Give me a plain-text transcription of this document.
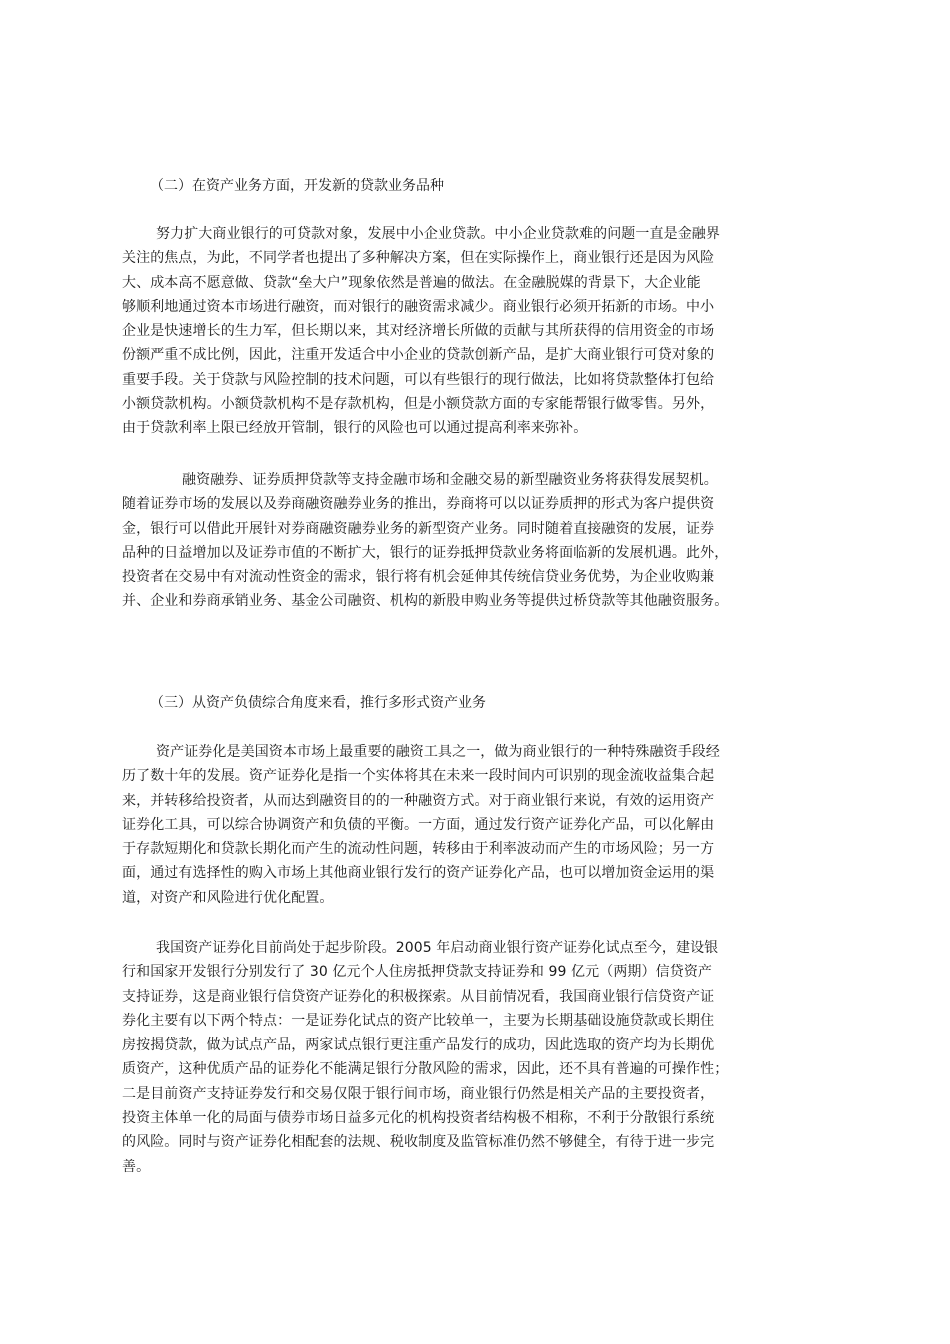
（二）在资产业务方面，开发新的贷款业务品种
努力扩大商业银行的可贷款对象，发展中小企业贷款。中小企业贷款难的问题一直是金融界
关注的焦点，为此，不同学者也提出了多种解决方案，但在实际操作上，商业银行还是因为风险
大、成本高不愿意做、贷款“垒大户”现象依然是普遍的做法。在金融脱媒的背景下，大企业能
够顺利地通过资本市场进行融资，而对银行的融资需求减少。商业银行必须开拓新的市场。中小
企业是快速增长的生力军，但长期以来，其对经济增长所做的贡献与其所获得的信用资金的市场
份额严重不成比例，因此，注重开发适合中小企业的贷款创新产品，是扩大商业银行可贷对象的
重要手段。关于贷款与风险控制的技术问题，可以有些银行的现行做法，比如将贷款整体打包给
小额贷款机构。小额贷款机构不是存款机构，但是小额贷款方面的专家能帮银行做零售。另外，
由于贷款利率上限已经放开管制，银行的风险也可以通过提高利率来弥补。
融资融券、证券质押贷款等支持金融市场和金融交易的新型融资业务将获得发展契机。
随着证券市场的发展以及券商融资融券业务的推出，券商将可以以证券质押的形式为客户提供资
金，银行可以借此开展针对券商融资融券业务的新型资产业务。同时随着直接融资的发展，证券
品种的日益增加以及证券市值的不断扩大，银行的证券抵押贷款业务将面临新的发展机遇。此外，
投资者在交易中有对流动性资金的需求，银行将有机会延伸其传统信贷业务优势，为企业收购兼
并、企业和券商承销业务、基金公司融资、机构的新股申购业务等提供过桥贷款等其他融资服务。
（三）从资产负债综合角度来看，推行多形式资产业务
资产证券化是美国资本市场上最重要的融资工具之一，做为商业银行的一种特殊融资手段经
历了数十年的发展。资产证券化是指一个实体将其在未来一段时间内可识别的现金流收益集合起
来，并转移给投资者，从而达到融资目的的一种融资方式。对于商业银行来说，有效的运用资产
证券化工具，可以综合协调资产和负债的平衡。一方面，通过发行资产证券化产品，可以化解由
于存款短期化和贷款长期化而产生的流动性问题，转移由于利率波动而产生的市场风险；另一方
面，通过有选择性的购入市场上其他商业银行发行的资产证券化产品，也可以增加资金运用的渠
道，对资产和风险进行优化配置。
我国资产证券化目前尚处于起步阶段。2005 年启动商业银行资产证券化试点至今，建设银
行和国家开发银行分别发行了 30 亿元个人住房抵押贷款支持证券和 99 亿元（两期）信贷资产
支持证券，这是商业银行信贷资产证券化的积极探索。从目前情况看，我国商业银行信贷资产证
券化主要有以下两个特点：一是证券化试点的资产比较单一，主要为长期基础设施贷款或长期住
房按揭贷款，做为试点产品，两家试点银行更注重产品发行的成功，因此选取的资产均为长期优
质资产，这种优质产品的证券化不能满足银行分散风险的需求，因此，还不具有普遍的可操作性；
二是目前资产支持证券发行和交易仅限于银行间市场，商业银行仍然是相关产品的主要投资者，
投资主体单一化的局面与债券市场日益多元化的机构投资者结构极不相称，不利于分散银行系统
的风险。同时与资产证券化相配套的法规、税收制度及监管标准仍然不够健全，有待于进一步完
善。
